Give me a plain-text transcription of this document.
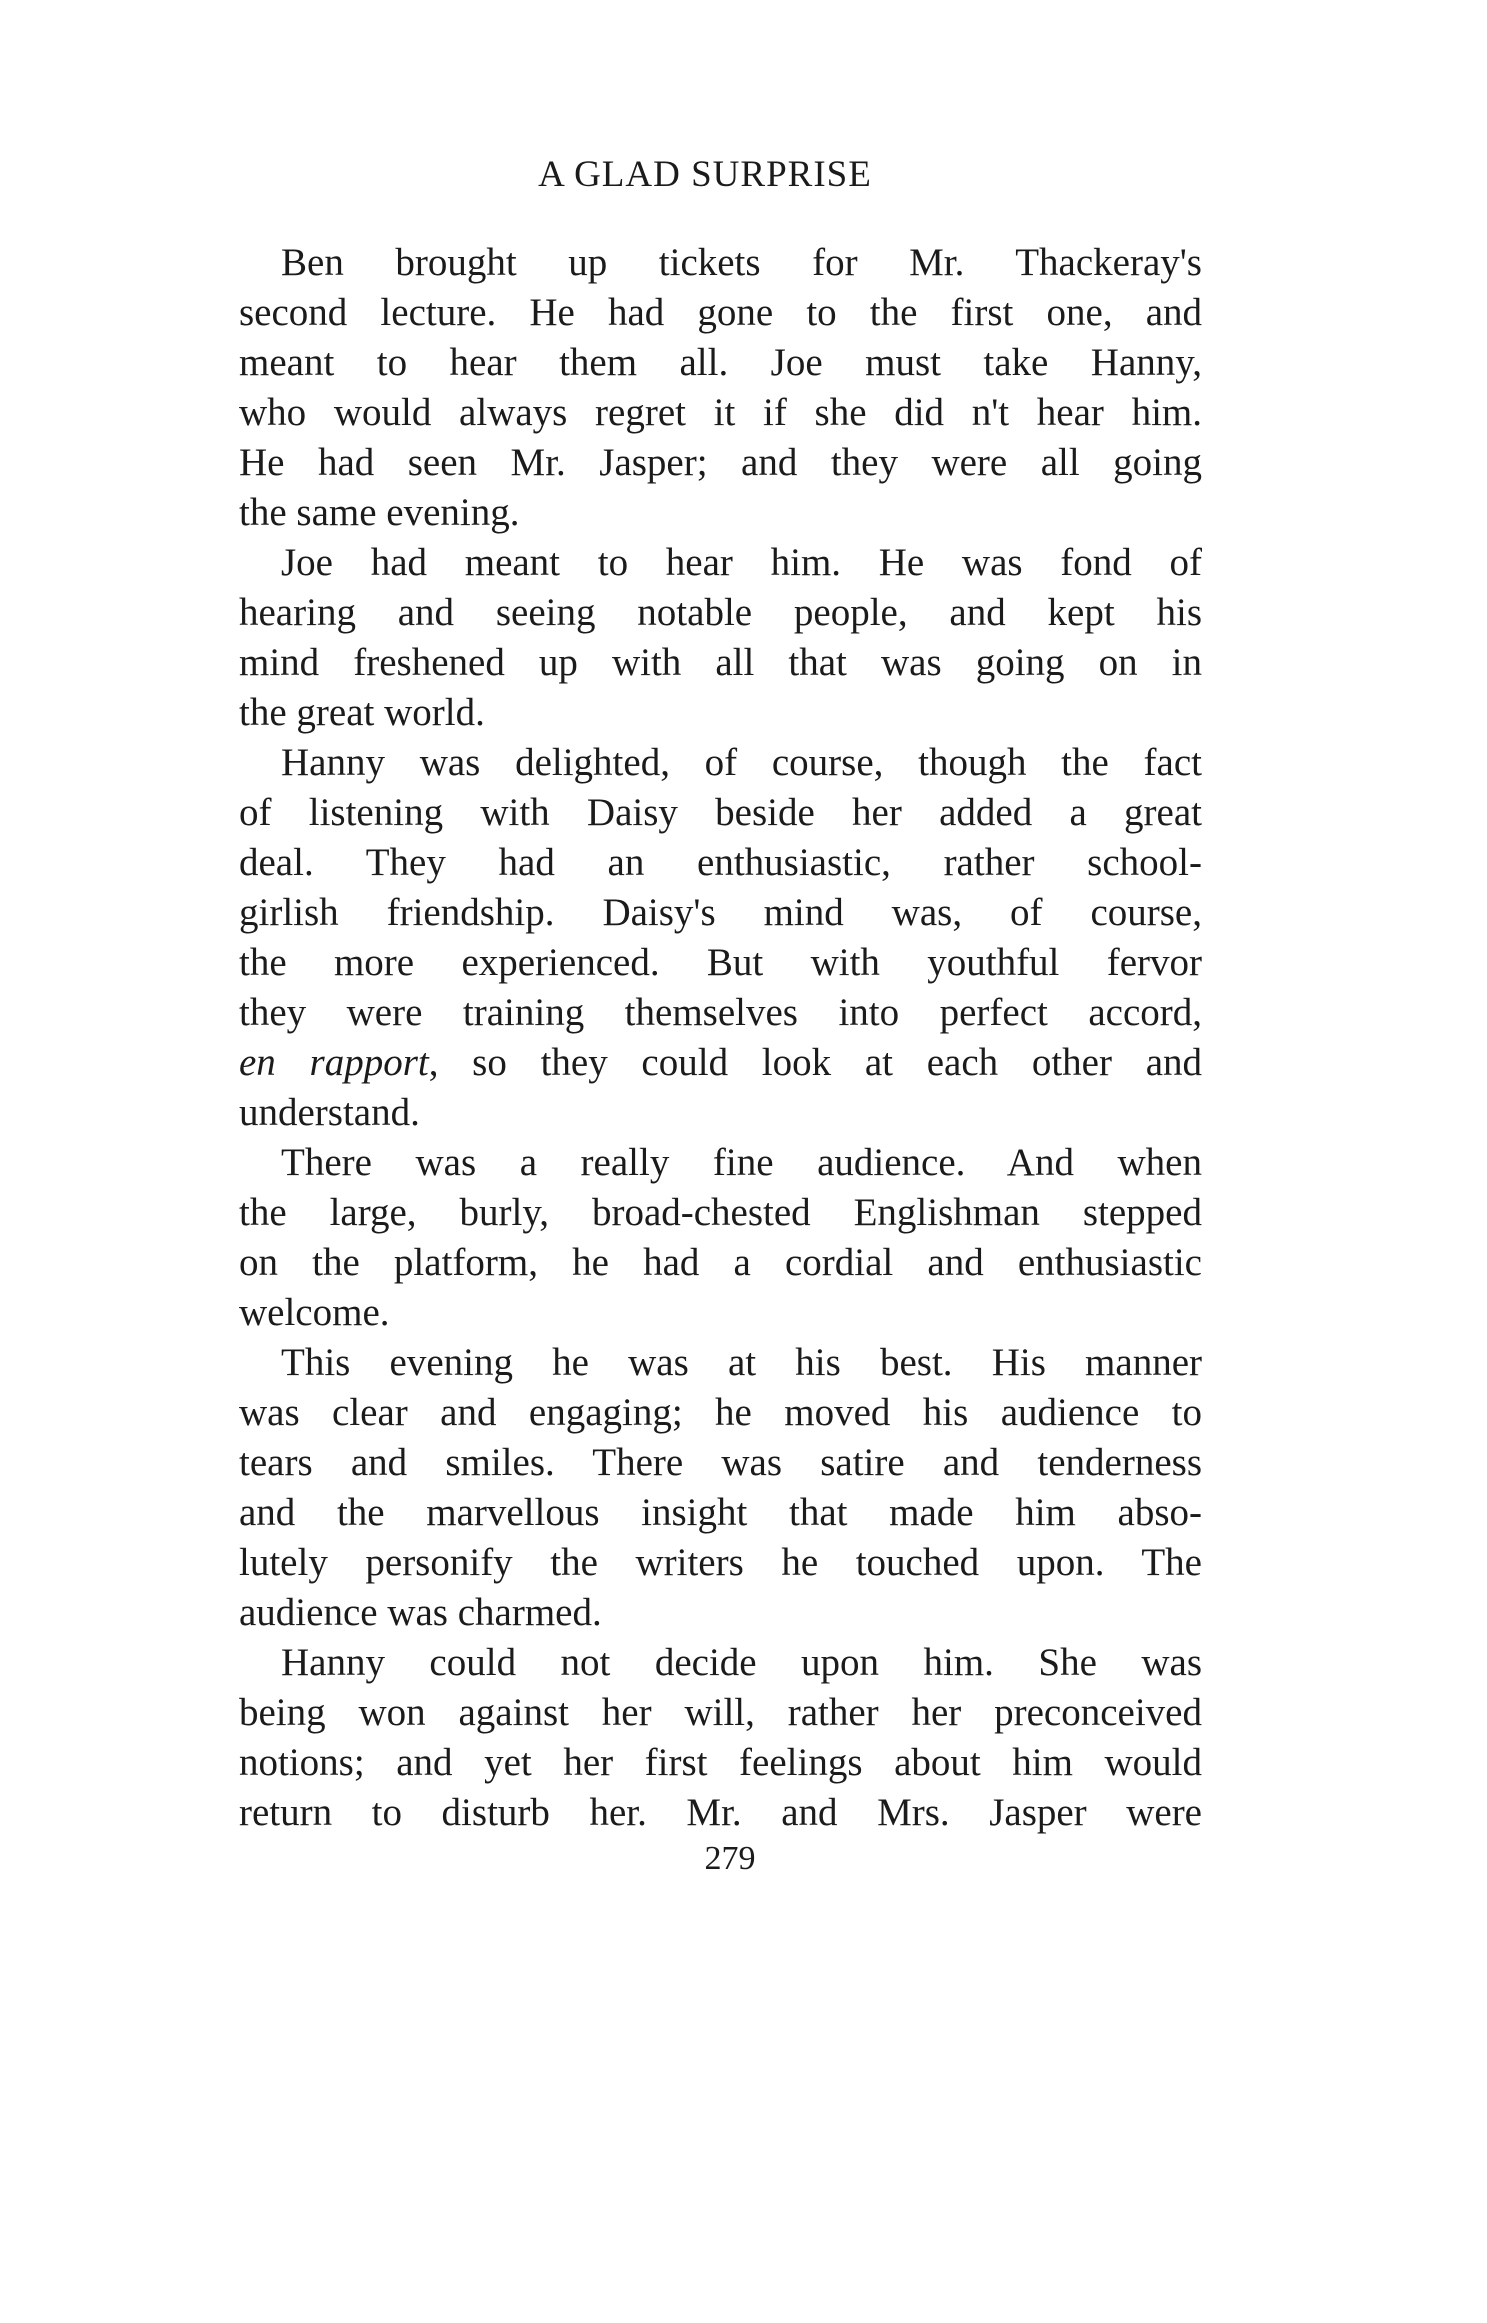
A GLAD SURPRISE
Ben brought up tickets for Mr. Thackeray's
second lecture. He had gone to the first one, and
meant to hear them all. Joe must take Hanny,
who would always regret it if she did n't hear him.
He had seen Mr. Jasper; and they were all going
the same evening.
Joe had meant to hear him. He was fond of
hearing and seeing notable people, and kept his
mind freshened up with all that was going on in
the great world.
Hanny was delighted, of course, though the fact
of listening with Daisy beside her added a great
deal. They had an enthusiastic, rather school-
girlish friendship. Daisy's mind was, of course,
the more experienced. But with youthful fervor
they were training themselves into perfect accord,
en rapport, so they could look at each other and
understand.
There was a really fine audience. And when
the large, burly, broad-chested Englishman stepped
on the platform, he had a cordial and enthusiastic
welcome.
This evening he was at his best. His manner
was clear and engaging; he moved his audience to
tears and smiles. There was satire and tenderness
and the marvellous insight that made him abso-
lutely personify the writers he touched upon. The
audience was charmed.
Hanny could not decide upon him. She was
being won against her will, rather her preconceived
notions; and yet her first feelings about him would
return to disturb her. Mr. and Mrs. Jasper were
279
